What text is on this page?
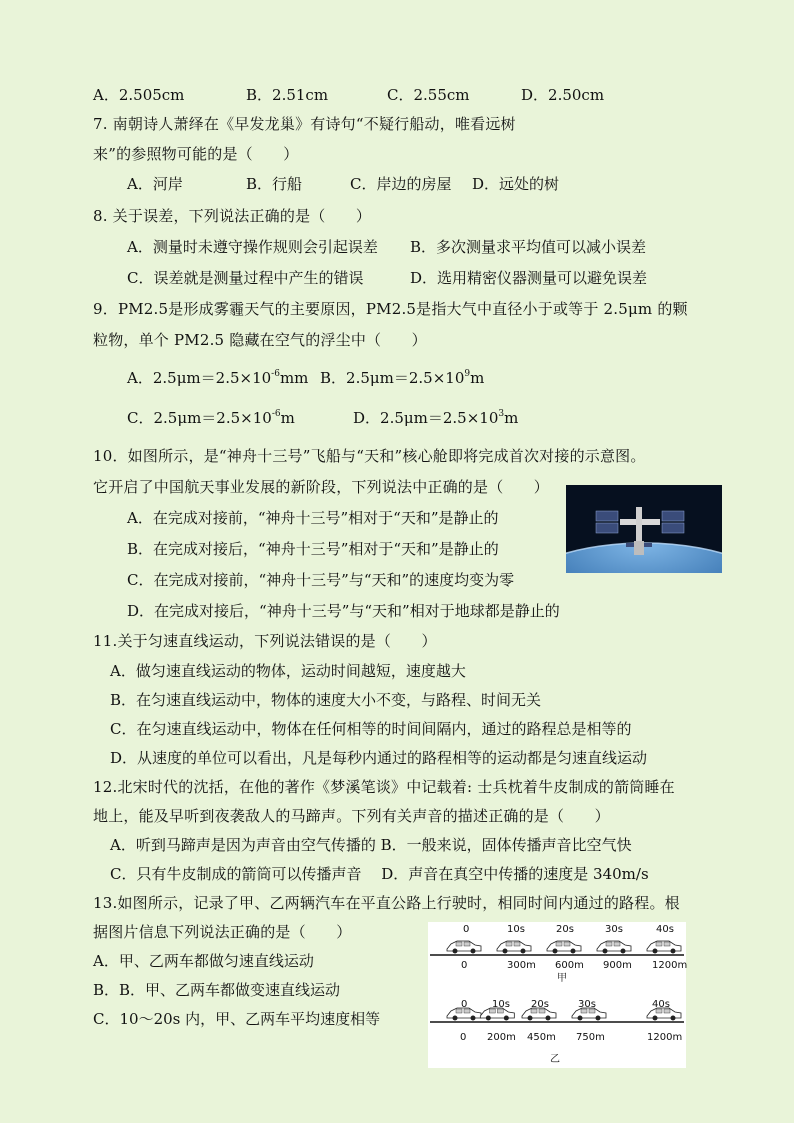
A．2.505cm	B．2.51cm	C．2.55cm	D．2.50cm
7. 南朝诗人萧绎在《早发龙巢》有诗句“不疑行船动，唯看远树
来”的参照物可能的是（　　）
A．河岸	B．行船	C．岸边的房屋 D．远处的树
8. 关于误差，下列说法正确的是（　　）
A．测量时未遵守操作规则会引起误差 B．多次测量求平均值可以减小误差
C．误差就是测量过程中产生的错误	D．选用精密仪器测量可以避免误差
9．PM2.5是形成雾霾天气的主要原因，PM2.5是指大气中直径小于或等于 2.5μm 的颗
粒物，单个 PM2.5 隐藏在空气的浮尘中（　　）
A．$2.5\mu m=2.5\times 10^{-6}mm$ B．$2.5\mu m=2.5\times 10^9m$
C．$2.5\mu m=2.5\times 10^{-6}m$	D．$2.5\mu m=2.5\times 10^3m$
10．如图所示，是“神舟十三号”飞船与“天和”核心舱即将完成首次对接的示意图。
它开启了中国航天事业发展的新阶段，下列说法中正确的是（　　）
A．在完成对接前，“神舟十三号”相对于“天和”是静止的
B．在完成对接后，“神舟十三号”相对于“天和”是静止的
C．在完成对接前，“神舟十三号”与“天和”的速度均变为零
D．在完成对接后，“神舟十三号”与“天和”相对于地球都是静止的
11.关于匀速直线运动，下列说法错误的是（　　）
A．做匀速直线运动的物体，运动时间越短，速度越大
B．在匀速直线运动中，物体的速度大小不变，与路程、时间无关
C．在匀速直线运动中，物体在任何相等的时间间隔内，通过的路程总是相等的
D．从速度的单位可以看出，凡是每秒内通过的路程相等的运动都是匀速直线运动
12.北宋时代的沈括，在他的著作《梦溪笔谈》中记载着: 士兵枕着牛皮制成的箭筒睡在
地上，能及早听到夜袭敌人的马蹄声。下列有关声音的描述正确的是（　　）
A．听到马蹄声是因为声音由空气传播的 B．一般来说，固体传播声音比空气快
C．只有牛皮制成的箭筒可以传播声音　 D．声音在真空中传播的速度是 340m/s
13.如图所示，记录了甲、乙两辆汽车在平直公路上行驶时，相同时间内通过的路程。根
据图片信息下列说法正确的是（　　）
A．甲、乙两车都做匀速直线运动
B．B．甲、乙两车都做变速直线运动
C．10～20s 内，甲、乙两车平均速度相等
0	10s	20s	30s	40s
0	300m 600m 900m 1200m
甲
0 10s 20s	30s	40s
0 200m 450m 750m	1200m
乙
